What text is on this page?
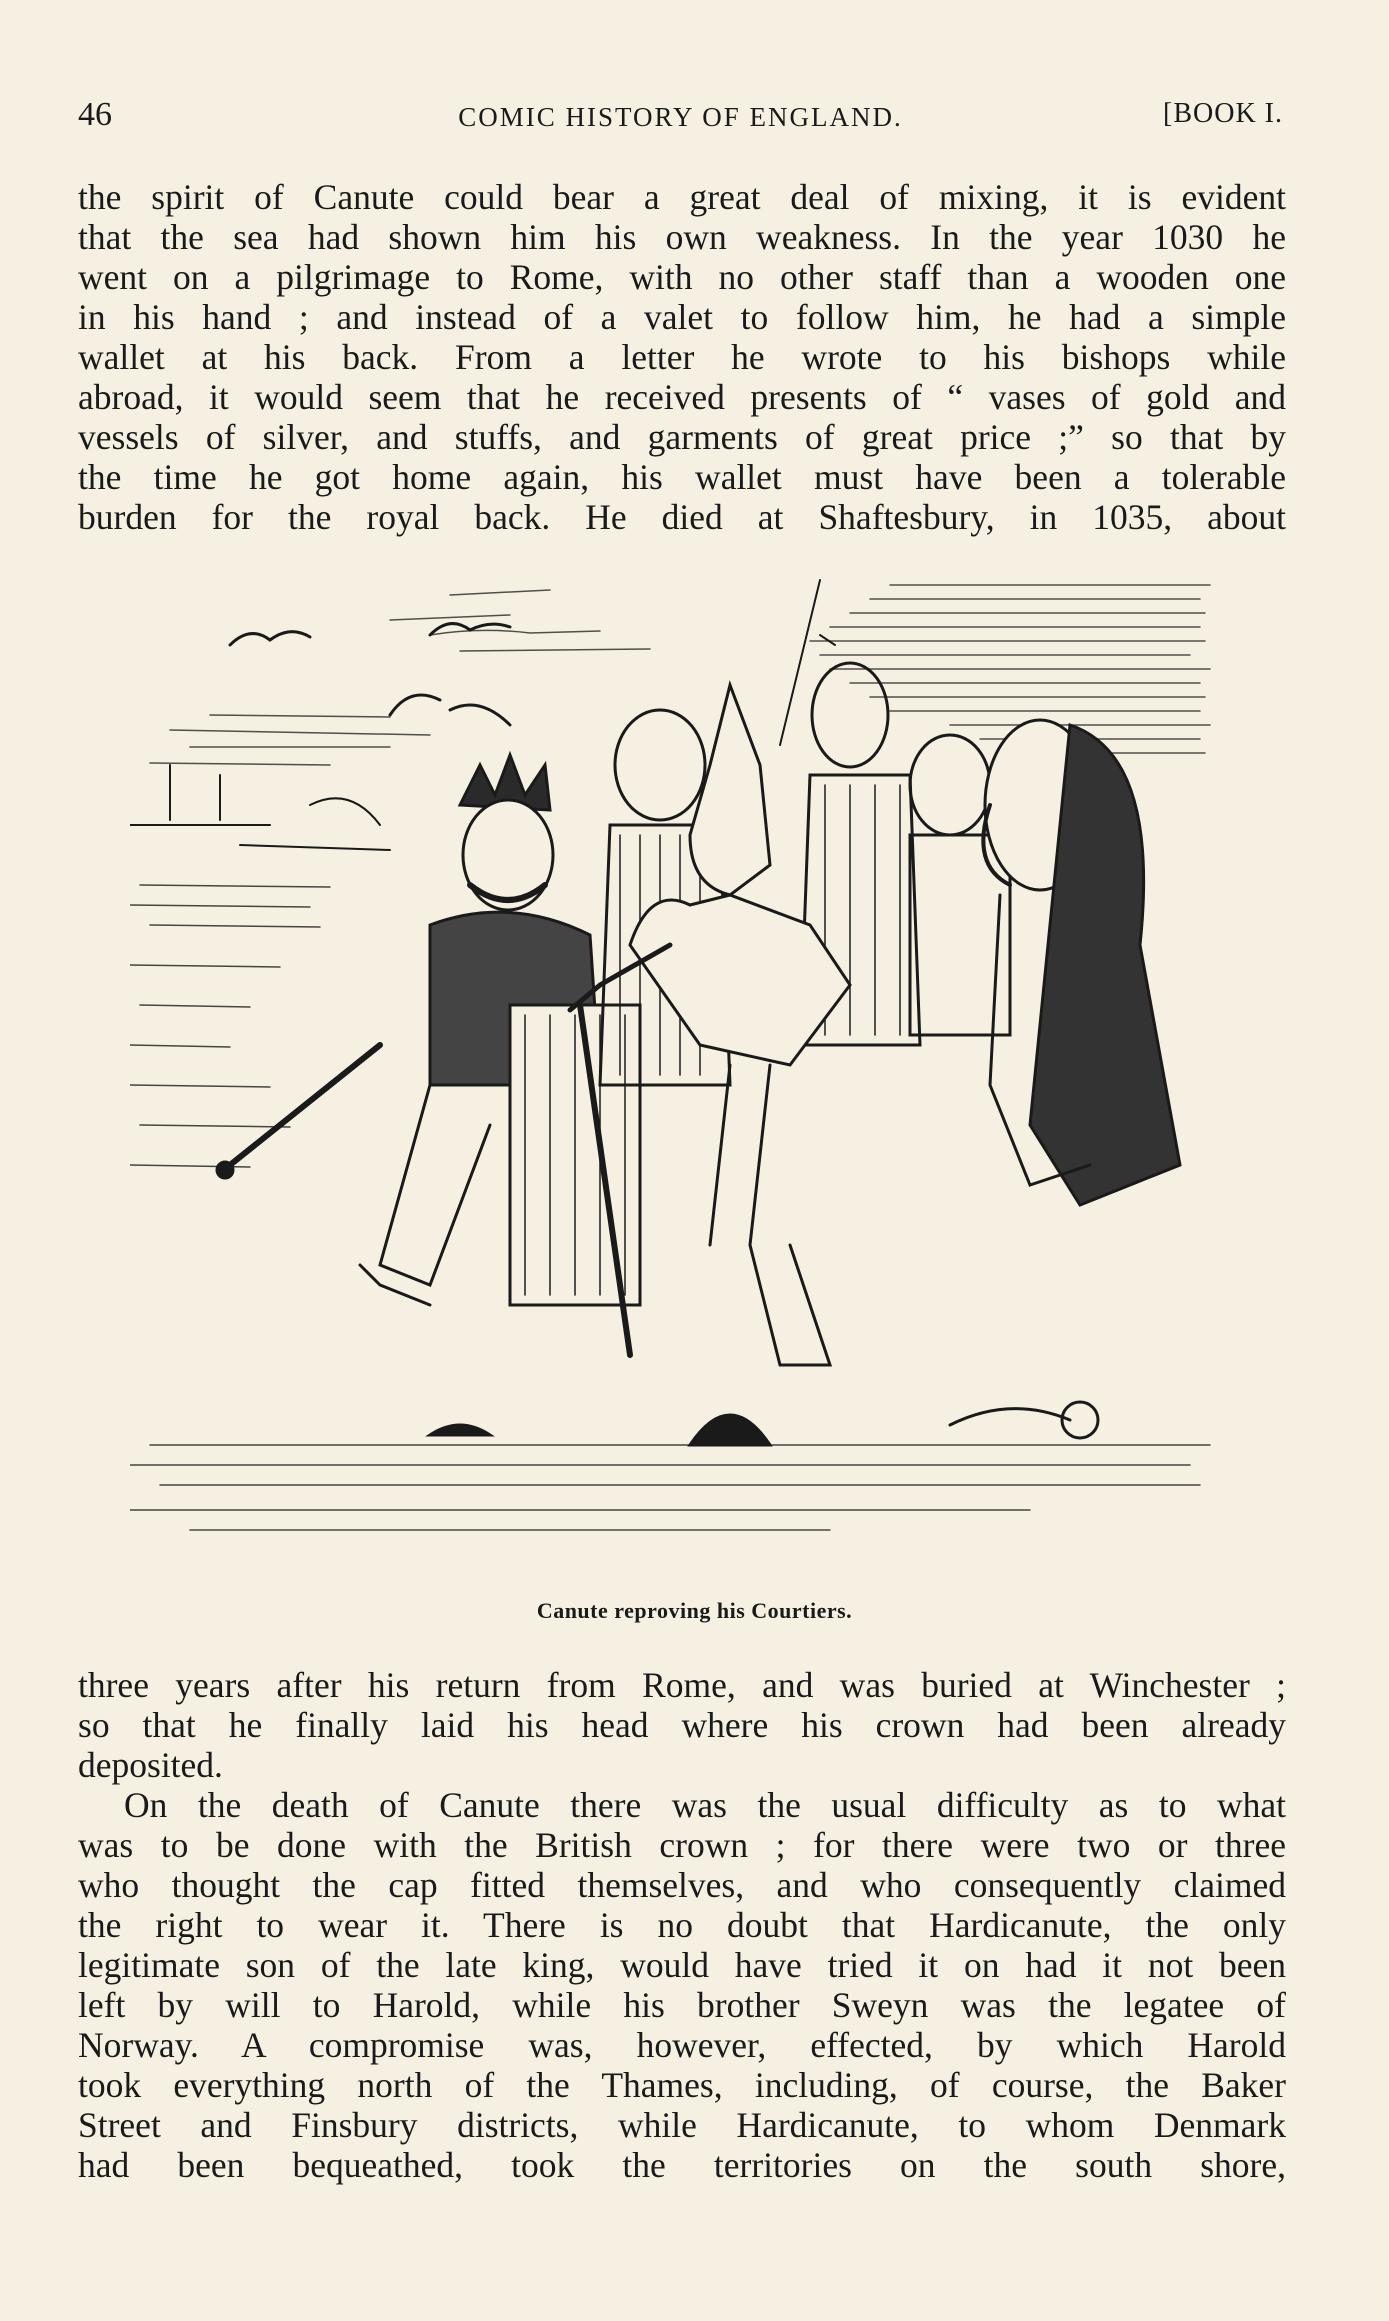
46	COMIC HISTORY OF ENGLAND.	[BOOK I.
the spirit of Canute could bear a great deal of mixing, it is evident
that the sea had shown him his own weakness. In the year 1030 he
went on a pilgrimage to Rome, with no other staff than a wooden one
in his hand ; and instead of a valet to follow him, he had a simple
wallet at his back. From a letter he wrote to his bishops while
abroad, it would seem that he received presents of “ vases of gold and
vessels of silver, and stuffs, and garments of great price ;” so that by
the time he got home again, his wallet must have been a tolerable
burden for the royal back. He died at Shaftesbury, in 1035, about
Canute reproving his Courtiers.
three years after his return from Rome, and was buried at Winchester ;
so that he finally laid his head where his crown had been already
deposited.
On the death of Canute there was the usual difficulty as to what
was to be done with the British crown ; for there were two or three
who thought the cap fitted themselves, and who consequently claimed
the right to wear it. There is no doubt that Hardicanute, the only
legitimate son of the late king, would have tried it on had it not been
left by will to Harold, while his brother Sweyn was the legatee of
Norway. A compromise was, however, effected, by which Harold
took everything north of the Thames, including, of course, the Baker
Street and Finsbury districts, while Hardicanute, to whom Denmark
had been bequeathed, took the territories on the south shore,
